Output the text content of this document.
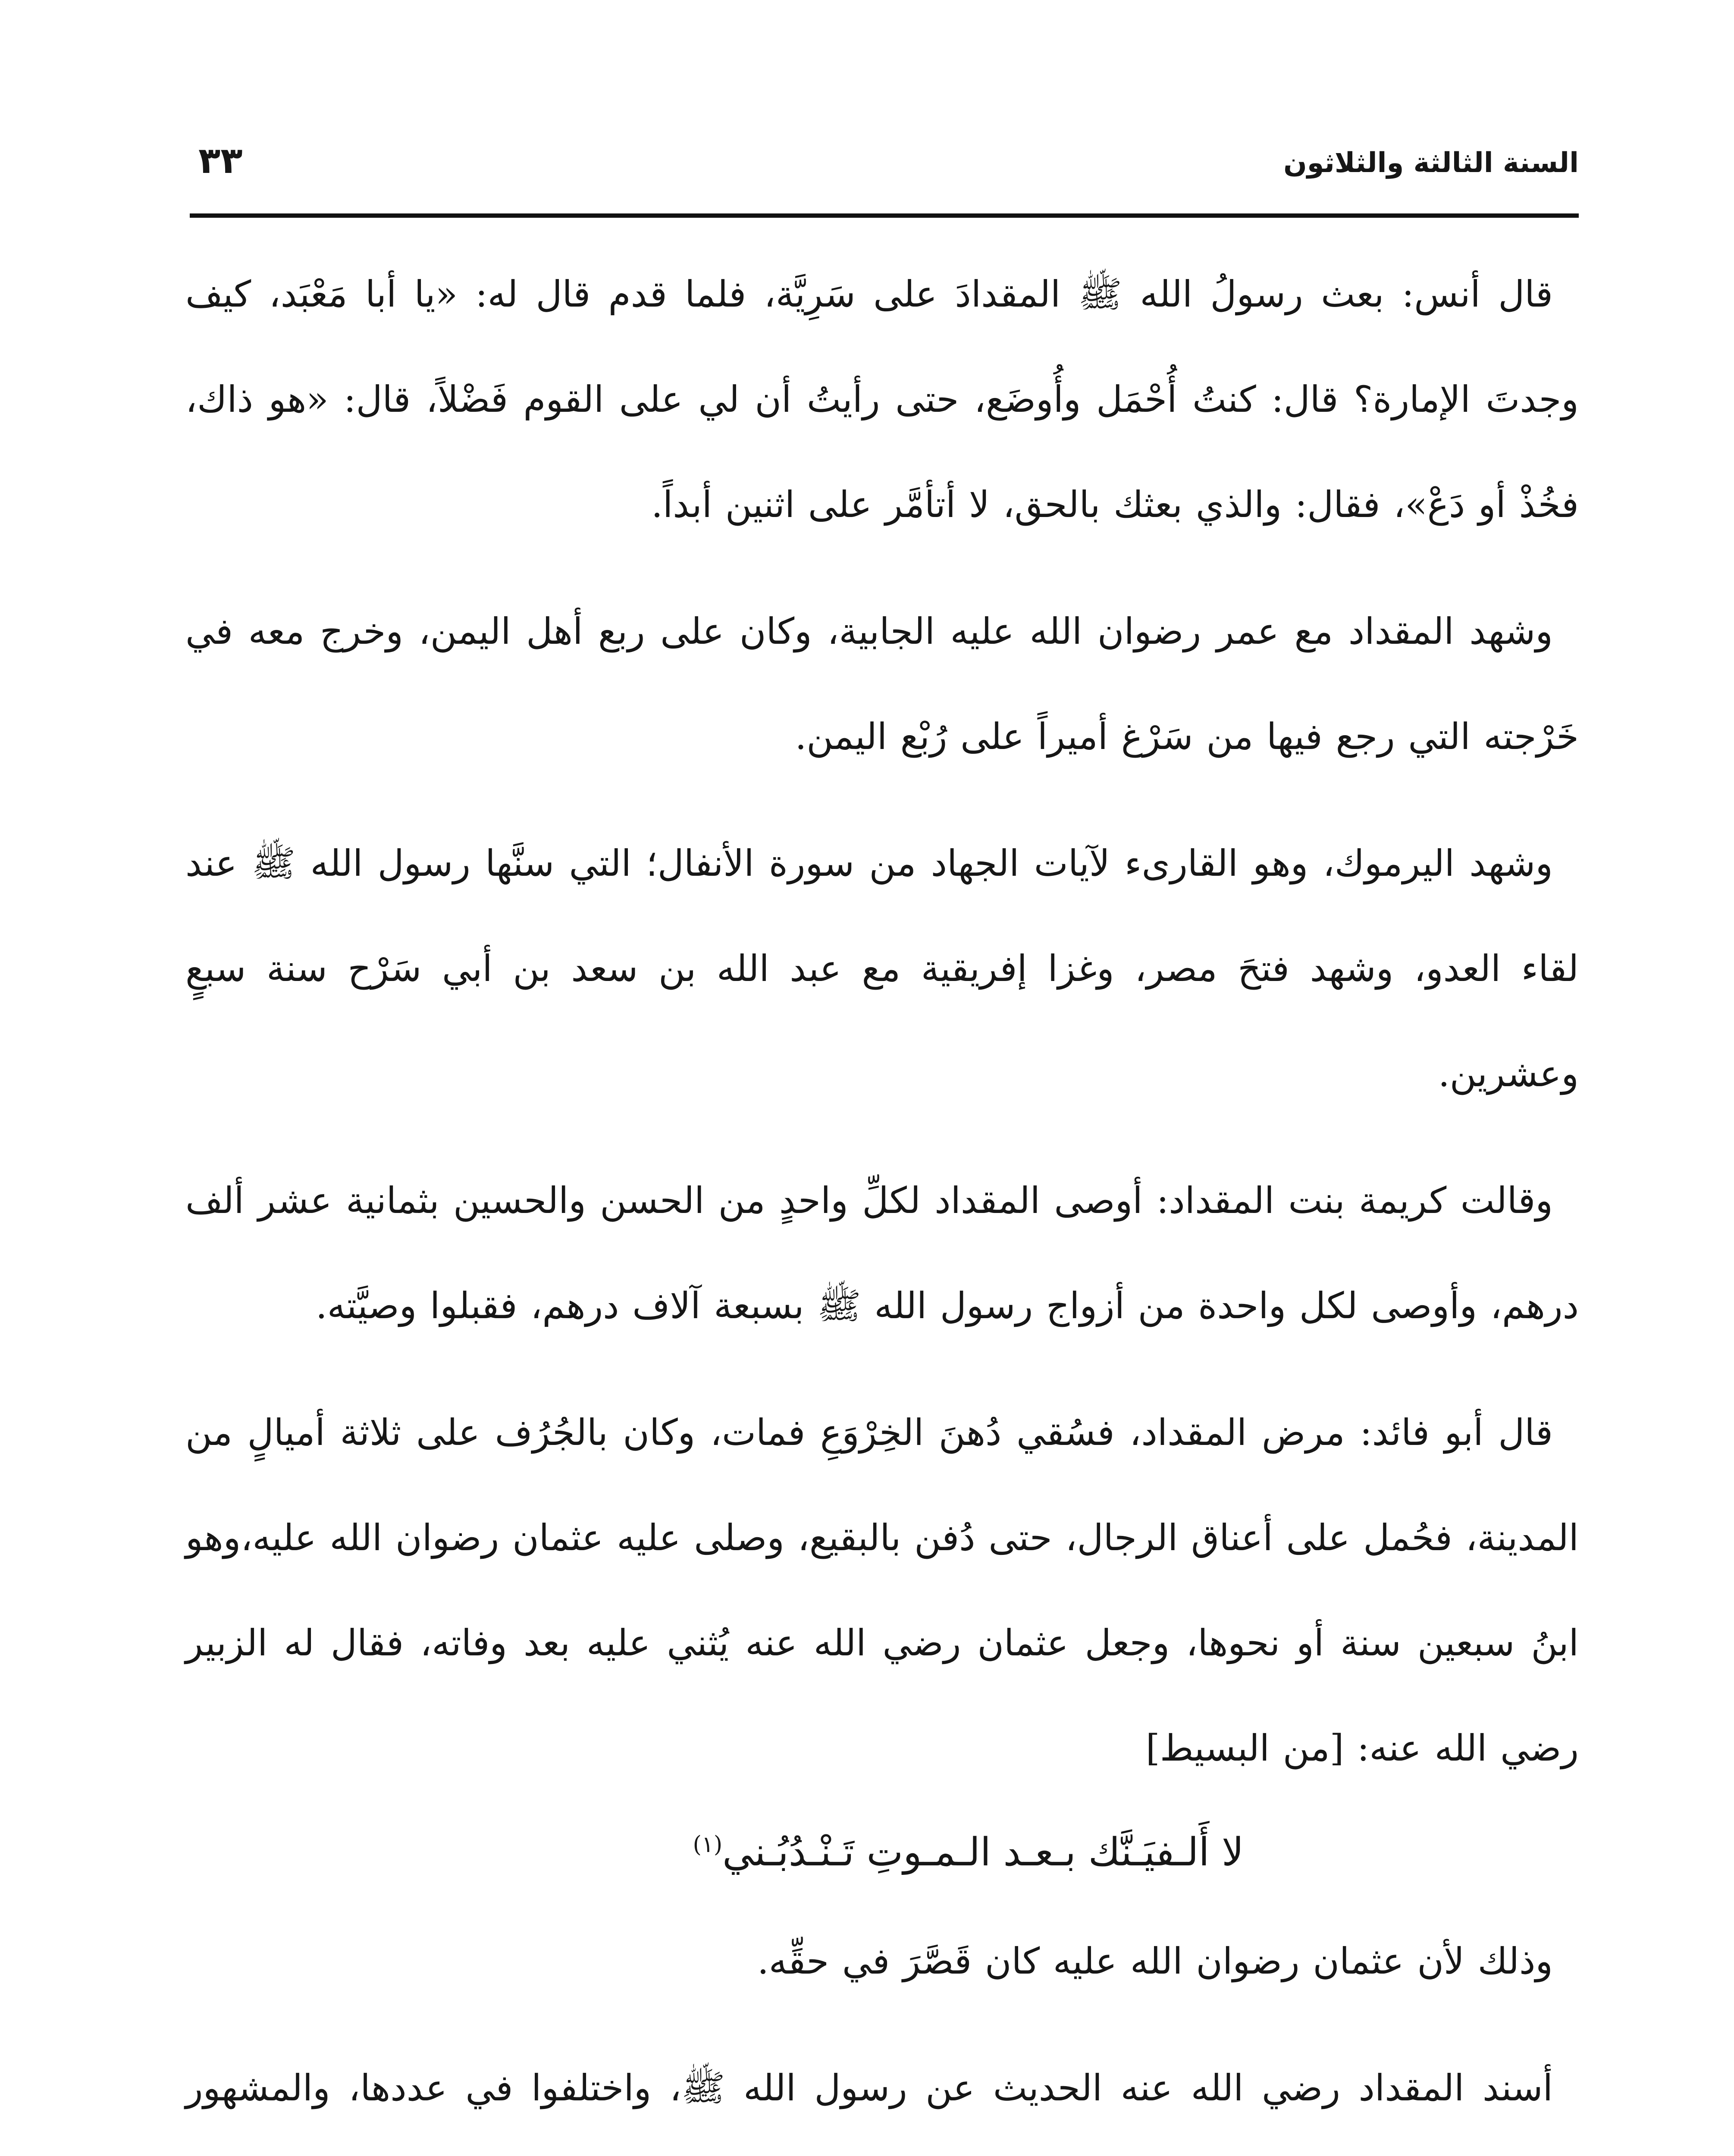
السنة الثالثة والثلاثون
٣٣

قال أنس: بعث رسولُ الله ﷺ المقدادَ على سَرِيَّة، فلما قدم قال له: «يا أبا مَعْبَد، كيف وجدتَ الإمارة؟ قال: كنتُ أُحْمَل وأُوضَع، حتى رأيتُ أن لي على القوم فَضْلاً، قال: «هو ذاك، فخُذْ أو دَعْ»، فقال: والذي بعثك بالحق، لا أتأمَّر على اثنين أبداً.

وشهد المقداد مع عمر رضوان الله عليه الجابية، وكان على ربع أهل اليمن، وخرج معه في خَرْجته التي رجع فيها من سَرْغ أميراً على رُبْع اليمن.

وشهد اليرموك، وهو القارىء لآيات الجهاد من سورة الأنفال؛ التي سنَّها رسول الله ﷺ عند لقاء العدو، وشهد فتحَ مصر، وغزا إفريقية مع عبد الله بن سعد بن أبي سَرْح سنة سبعٍ وعشرين.

وقالت كريمة بنت المقداد: أوصى المقداد لكلِّ واحدٍ من الحسن والحسين بثمانية عشر ألف درهم، وأوصى لكل واحدة من أزواج رسول الله ﷺ بسبعة آلاف درهم، فقبلوا وصيَّته.

قال أبو فائد: مرض المقداد، فسُقي دُهنَ الخِرْوَعِ فمات، وكان بالجُرُف على ثلاثة أميالٍ من المدينة، فحُمل على أعناق الرجال، حتى دُفن بالبقيع، وصلى عليه عثمان رضوان الله عليه،وهو ابنُ سبعين سنة أو نحوها، وجعل عثمان رضي الله عنه يُثني عليه بعد وفاته، فقال له الزبير رضي الله عنه: [من البسيط]

لا أَلـفيَـنَّك بـعـد الـمـوتِ تَـنْـدُبُـني$^{(١)}$

وذلك لأن عثمان رضوان الله عليه كان قَصَّرَ في حقِّه.

أسند المقداد رضي الله عنه الحديث عن رسول الله ﷺ، واختلفوا في عددها، والمشهور
